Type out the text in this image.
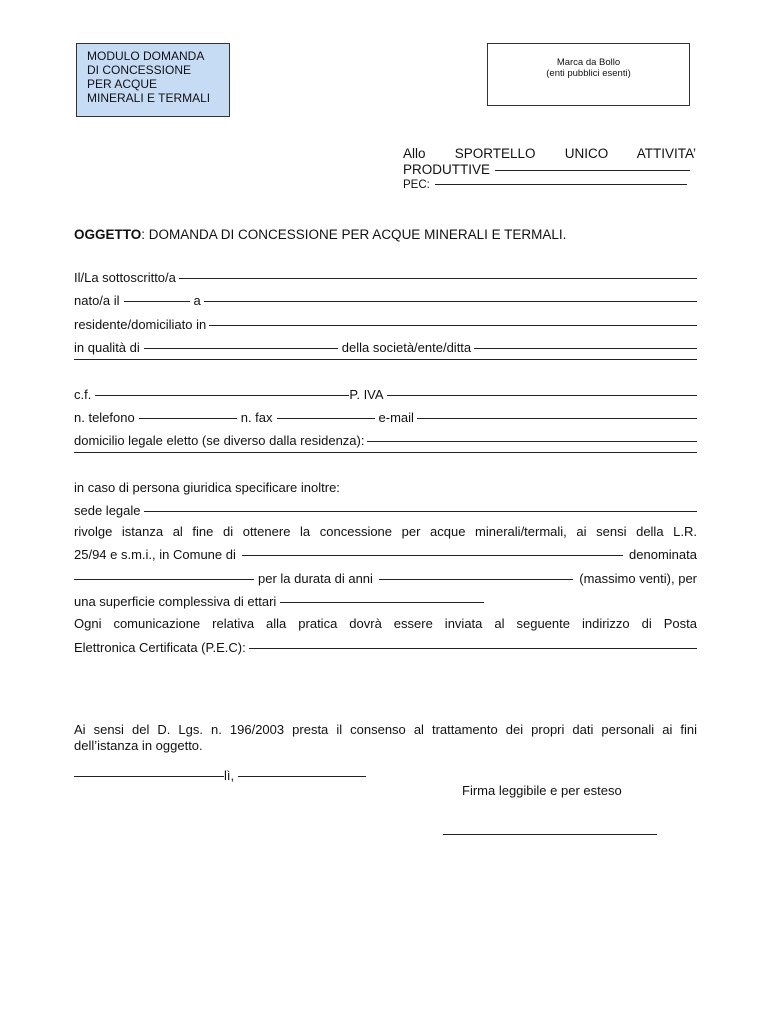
MODULO DOMANDA
DI CONCESSIONE
PER ACQUE
MINERALI E TERMALI
Marca da Bollo
(enti pubblici esenti)
Allo SPORTELLO UNICO ATTIVITA’
PRODUTTIVE
PEC:
OGGETTO: DOMANDA DI CONCESSIONE PER ACQUE MINERALI E TERMALI.
Il/La sottoscritto/a
nato/a il	a
residente/domiciliato in
in qualità di	della società/ente/ditta
c.f.	P. IVA
n. telefono	n. fax	e-mail
domicilio legale eletto (se diverso dalla residenza):
in caso di persona giuridica specificare inoltre:
sede legale
rivolge istanza al fine di ottenere la concessione per acque minerali/termali, ai sensi della L.R.
25/94 e s.m.i., in Comune di	denominata
per la durata di anni	(massimo venti), per
una superficie complessiva di ettari
Ogni comunicazione relativa alla pratica dovrà essere inviata al seguente indirizzo di Posta
Elettronica Certificata (P.E.C):
Ai sensi del D. Lgs. n. 196/2003 presta il consenso al trattamento dei propri dati personali ai fini
dell’istanza in oggetto.
lì,
Firma leggibile e per esteso
